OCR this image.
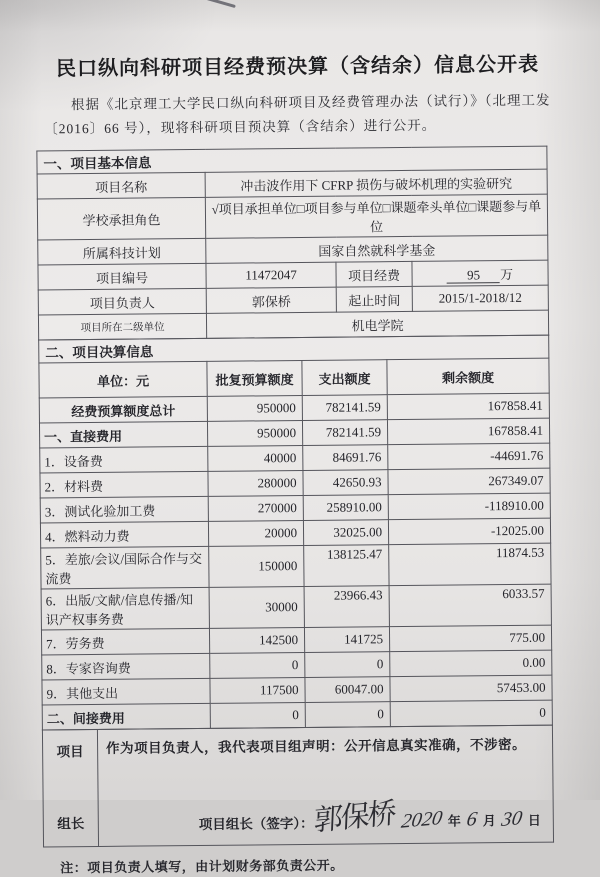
民口纵向科研项目经费预决算（含结余）信息公开表
根据《北京理工大学民口纵向科研项目及经费管理办法（试行）》（北理工发〔2016〕66 号），现将科研项目预决算（含结余）进行公开。
一、项目基本信息			
项目名称	冲击波作用下 CFRP 损伤与破坏机理的实验研究		
学校承担角色	√项目承担单位□项目参与单位□课题牵头单位□课题参与单位		
所属科技计划	国家自然就科学基金		
项目编号	11472047	项目经费	95 万
项目负责人	郭保桥	起止时间	2015/1-2018/12
项目所在二级单位	机电学院		
二、项目决算信息			
单位：元	批复预算额度	支出额度	剩余额度
经费预算额度总计	950000	782141.59	167858.41
一、直接费用	950000	782141.59	167858.41
1．设备费	40000	84691.76	-44691.76
2．材料费	280000	42650.93	267349.07
3．测试化验加工费	270000	258910.00	-118910.00
4．燃料动力费	20000	32025.00	-12025.00
5．差旅/会议/国际合作与交流费	150000	138125.47	11874.53
6．出版/文献/信息传播/知识产权事务费	30000	23966.43	6033.57
7．劳务费	142500	141725	775.00
8．专家咨询费	0	0	0.00
9．其他支出	117500	60047.00	57453.00
二、间接费用	0	0	0
项目
组长

作为项目负责人，我代表项目组声明：公开信息真实准确，不涉密。
项目组长（签字）： 郭保桥 2020 年 6 月 30 日
注：项目负责人填写，由计划财务部负责公开。
